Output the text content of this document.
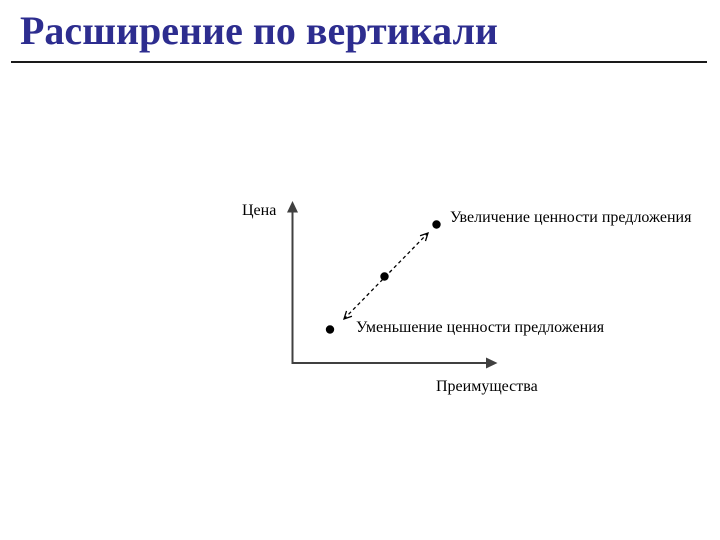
Расширение по вертикали
Цена
Преимущества
Увеличение ценности предложения
Уменьшение ценности предложения
